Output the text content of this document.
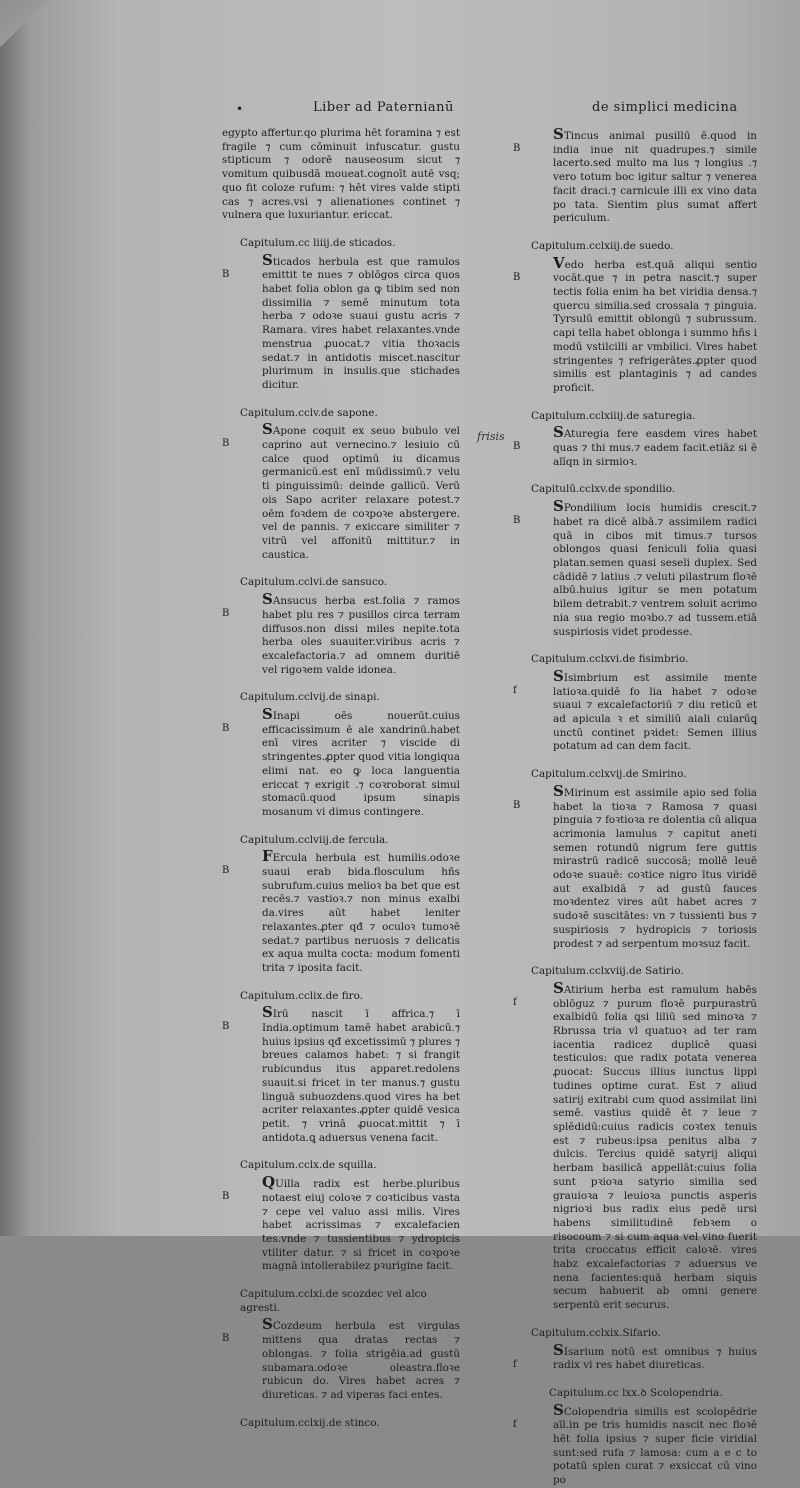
•	Liber ad Paternianū	de simplici medicina
frisis

egypto affertur.qo plurima hēt foramina ⁊ est fragile ⁊ cum cōminuit infuscatur. gustu stipticum ⁊ odorē nauseosum sicut ⁊ vomitum quibusdā moueat.cognoīt autē vsq; quo fit coloze rufum: ⁊ hēt vires valde stipti cas ⁊ acres.vsi ⁊ alienationes continet ⁊ vulnera que luxuriantur. ericcat.

Capitulum.cc liiij.de sticados.
B

Sticados herbula est que ramulos emittit te nues ⁊ oblōgos circa quos habet folia oblon ga ꝙ tibim sed non dissimilia ⁊ semē minutum tota herba ⁊ odoꝛe suaui gustu acris ⁊ Ramara. vires habet relaxantes.vnde menstrua ꝓuocat.⁊ vitia thoꝛacis sedat.⁊ in antidotis miscet.nascitur plurimum in insulis.que stichades dicitur.

Capitulum.cclv.de sapone.
B

SApone coquit ex seuo bubulo vel caprino aut vernecino.⁊ lesiuio cū calce quod optimū iu dicamus germanicū.est enī mūdissimū.⁊ velu ti pinguissimū: deinde gallicū. Verū ois Sapo acriter relaxare potest.⁊ oēm foꝛdem de coꝛpoꝛe abstergere. vel de pannis. ⁊ exiccare similiter ⁊ vitrū vel affonitū mittitur.⁊ in caustica.

Capitulum.cclvi.de sansuco.
B

SAnsucus herba est.folia ⁊ ramos habet plu res ⁊ pusillos circa terram diffusos.non dissi miles nepite.tota herba oles suauiter.viribus acris ⁊ excalefactoria.⁊ ad omnem duritiē vel rigoꝛem valde idonea.

Capitulum.cclvij.de sinapi.
B

SInapi oēs nouerūt.cuius efficacissimum ē ale xandrinū.habet enī vires acriter ⁊ viscide di stringentes.ꝓpter quod vitia longiqua elimi nat. eo ꝙ loca languentia ericcat ⁊ exrigit .⁊ coꝛroborat simul stomacū.quod ipsum sinapis mosanum vi dimus contingere.

Capitulum.cclviij.de fercula.
B

FErcula herbula est humilis.odoꝛe suaui erab bida.flosculum hñs subrufum.cuius melioꝛ ba bet que est recēs.⁊ vastioꝛ.⁊ non minus exalbi da.vires aūt habet leniter relaxantes.ꝓter qđ ⁊ oculoꝛ tumoꝛē sedat.⁊ partibus neruosis ⁊ delicatis ex aqua multa cocta: modum fomenti trita ⁊ iposita facit.

Capitulum.cclix.de firo.
B

SIrū nascit ī affrica.⁊ ī India.optimum tamē habet arabicū.⁊ huius ipsius qđ excetissimū ⁊ plures ⁊ breues calamos habet: ⁊ si frangit rubicundus itus apparet.redolens suauit.si fricet in ter manus.⁊ gustu linguā subuozdens.quod vires ha bet acriter relaxantes.ꝓpter quidē vesica petit. ⁊ vrinā ꝓuocat.mittit ⁊ ī antidota.ꝗ aduersus venena facit.

Capitulum.cclx.de squilla.
B

QUilla radix est herbe.pluribus notaest eiuj coloꝛe ⁊ coꝛticibus vasta ⁊ cepe vel valuo assi milis. Vires habet acrissimas ⁊ excalefacien tes.vnde ⁊ tussientibus ⁊ ydropicis vtiliter datur. ⁊ si fricet in coꝛpoꝛe magnā intollerabilez pꝛurigine facit.

Capitulum.cclxi.de scozdec vel alco agresti.
B

SCozdeum herbula est virgulas mittens qua dratas rectas ⁊ oblongas. ⁊ folia strigēia.ad gustū subamara.odoꝛe oleastra.floꝛe rubicun do. Vires habet acres ⁊ diureticas. ⁊ ad viperas faci entes.

Capitulum.cclxij.de stinco.
B

STincus animal pusillū ē.quod in india inue nit quadrupes.⁊ simile lacerto.sed multo ma lus ⁊ longius .⁊ vero totum boc igitur saltur ⁊ venerea facit draci.⁊ carnicule illi ex vino data po tata. Sientim plus sumat affert periculum.

Capitulum.cclxiij.de suedo.
B

Vedo herba est.quā aliqui sentio vocāt.que ⁊ in petra nascit.⁊ super tectis folia enim ha bet viridia densa.⁊ quercu similia.sed crossala ⁊ pinguia. Tyrsulū emittit oblongū ⁊ subrussum. capi tella habet oblonga i summo hñs i modū vstilcilli ar vmbilici. Vires habet stringentes ⁊ refrigerātes.ꝓpter quod similis est plantaginis ⁊ ad candes proficit.

Capitulum.cclxiiij.de saturegia.
B

SAturegia fere easdem vires habet quas ⁊ thi mus.⁊ eadem facit.etiāz si ē alīqn in sirmioꝛ.

Capitulū.cclxv.de spondilio.
B

SPondilium locis humidis crescit.⁊ habet ra dicē albā.⁊ assimilem radici quā in cibos mit timus.⁊ tursos oblongos quasi feniculi folia quasi platan.semen quasi seseli duplex. Sed cādidē ⁊ latius .⁊ veluti pilastrum floꝛē albū.huius igitur se men potatum bilem detrabit.⁊ ventrem soluit acrimo nia sua regio moꝛbo.⁊ ad tussem.etiā suspiriosis videt prodesse.

Capitulum.cclxvi.de fisimbrio.
f

SIsimbrium est assimile mente latioꝛa.quidē fo lia habet ⁊ odoꝛe suaui ⁊ excalefactoriū ⁊ diu reticū et ad apicula ꝛ et similiū aiali cularūꝗ unctū continet pꝛidet: Semen illius potatum ad can dem facit.

Capitulum.cclxvij.de Smirino.
B

SMirinum est assimile apio sed folia habet la tioꝛa ⁊ Ramosa ⁊ quasi pinguia ⁊ foꝛtioꝛa re dolentia cū aliqua acrimonia lamulus ⁊ capitut aneti semen rotundū nigrum fere guttis mirastrū radicē succosā; mollē leuē odoꝛe suauē: coꝛtice nigro ītus viridē aut exalbidā ⁊ ad gustū fauces moꝛdentez vires aūt habet acres ⁊ sudoꝛē suscitātes: vn ⁊ tussienti bus ⁊ suspiriosis ⁊ hydropicis ⁊ toriosis prodest ⁊ ad serpentum moꝛsuz facit.

Capitulum.cclxviij.de Satirio.
f

SAtirium herba est ramulum habēs oblōguz ⁊ purum floꝛē purpurastrū exalbidū folia ꝗsi liliū sed minoꝛa ⁊ Rbrussa tria vl quatuoꝛ ad ter ram iacentia radicez duplicē quasi testiculos: que radix potata venerea ꝓuocat: Succus illius iunctus lippi tudines optime curat. Est ⁊ aliud satirij exitrabi cum quod assimilat lini semē. vastius quidē ēt ⁊ leue ⁊ splēdidū:cuius radicis coꝛtex tenuis est ⁊ rubeus:ipsa penitus alba ⁊ dulcis. Tercius quidē satyrij aliqui herbam basilicā appellāt:cuius folia sunt pꝛioꝛa satyrio similia sed grauioꝛa ⁊ leuioꝛa punctis asperis nigrioꝛi bus radix eius pedē ursi habens similitudinē febꝛem o risocoum ⁊ si cum aqua vel vino fuerit trita croccatus efficit caloꝛē. vires habz excalefactorias ⁊ aduersus ve nena facientes:quā herbam siquis secum habuerit ab omni genere serpentū erit securus.

Capitulum.cclxix.Sifario.
f

SIsarium notū est omnibus ⁊ huius radix vi res habet diureticas.

Capitulum.cc lxx.ꝺ Scolopendria.
f

SColopendria similis est scolopēdrie aīl.in pe tris humidis nascit nec floꝛē hēt folia ipsius ⁊ super ficie viridial sunt:sed rufa ⁊ lamosa: cum a e c to potatū splen curat ⁊ exsiccat cū vino po
